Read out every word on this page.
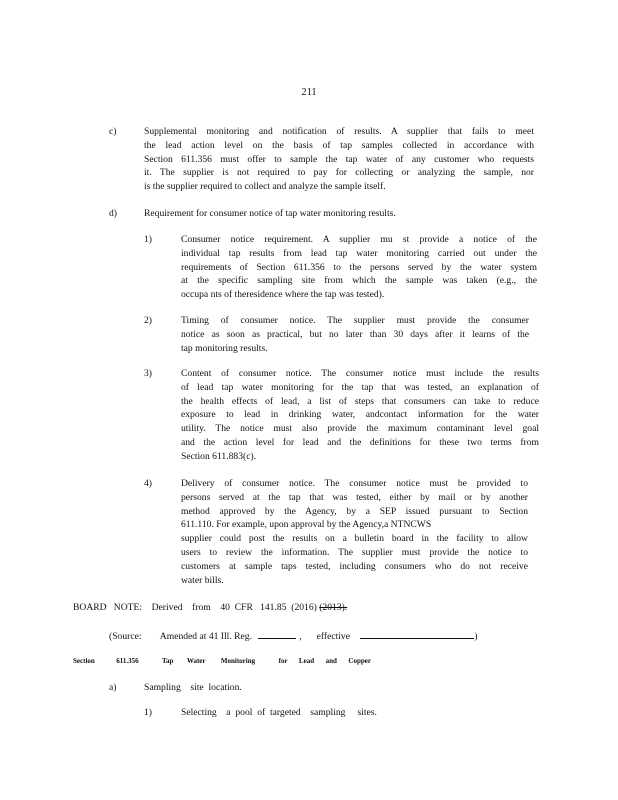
211
c)	Supplemental monitoring and notification of results. A supplier that fails to meet
the lead action level on the basis of tap samples collected in accordance with
Section 611.356 must offer to sample the tap water of any customer who requests
it. The supplier is not required to pay for collecting or analyzing the sample, nor
is the supplier required to collect and analyze the sample itself.
d)	Requirement for consumer notice of tap water monitoring results.
1)	Consumer notice requirement. A supplier mu st provide a notice of the
individual tap results from lead tap water monitoring carried out under the
requirements of Section 611.356 to the persons served by the water system
at the specific sampling site from which the sample was taken (e.g., the
occupa nts of theresidence where the tap was tested).
2)	Timing of consumer notice. The supplier must provide the consumer
notice as soon as practical, but no later than 30 days after it learns of the
tap monitoring results.
3)	Content of consumer notice. The consumer notice must include the results
of lead tap water monitoring for the tap that was tested, an explanation of
the health effects of lead, a list of steps that consumers can take to reduce
exposure to lead in drinking water, andcontact information for the water
utility. The notice must also provide the maximum contaminant level goal
and the action level for lead and the definitions for these two terms from
Section 611.883(c).
4)	Delivery of consumer notice. The consumer notice must be provided to
persons served at the tap that was tested, either by mail or by another
method approved by the Agency, by a SEP issued pursuant to Section
611.110. For example, upon approval by the Agency,a NTNCWS
supplier could post the results on a bulletin board in the facility to allow
users to review the information. The supplier must provide the notice to
customers at sample taps tested, including consumers who do not receive
water bills.
BOARD   NOTE:    Derived    from    40  CFR   141.85  (2016) (2013).
(Source: Amended at 41 Ill. Reg.	, effective	)
Section	611.356	Tap Water Monitoring	for Lead and Copper
a)	Sampling    site  location.
1)	Selecting    a  pool  of  targeted    sampling     sites.
